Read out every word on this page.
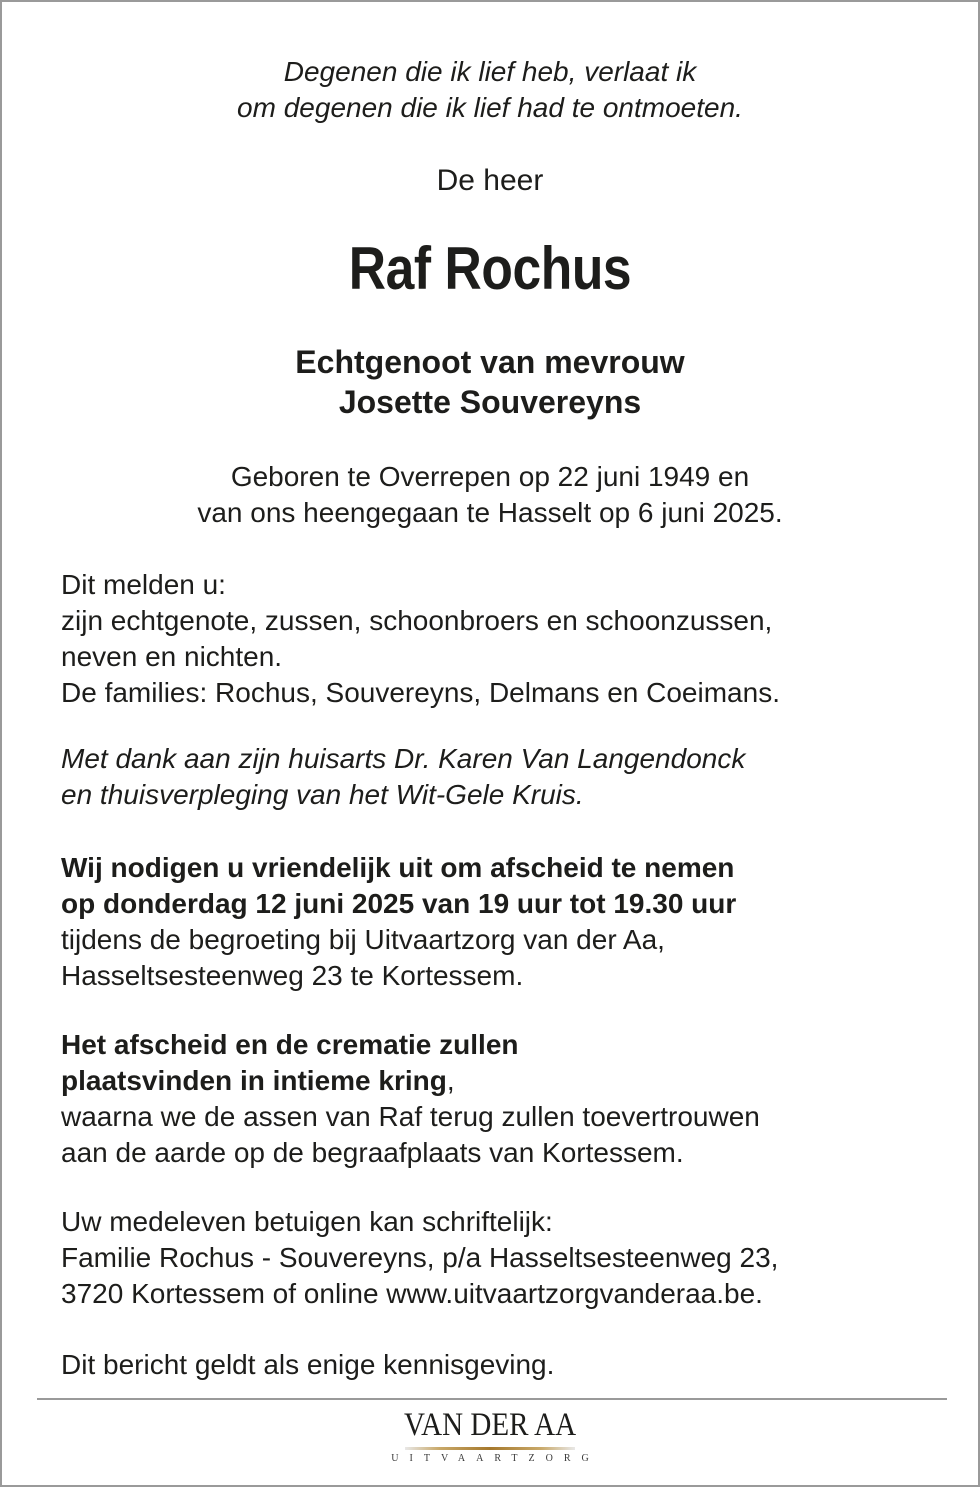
Degenen die ik lief heb, verlaat ik
om degenen die ik lief had te ontmoeten.
De heer
Raf Rochus
Echtgenoot van mevrouw
Josette Souvereyns
Geboren te Overrepen op 22 juni 1949 en
van ons heengegaan te Hasselt op 6 juni 2025.
Dit melden u:
zijn echtgenote, zussen, schoonbroers en schoonzussen,
neven en nichten.
De families: Rochus, Souvereyns, Delmans en Coeimans.
Met dank aan zijn huisarts Dr. Karen Van Langendonck
en thuisverpleging van het Wit-Gele Kruis.
Wij nodigen u vriendelijk uit om afscheid te nemen
op donderdag 12 juni 2025 van 19 uur tot 19.30 uur
tijdens de begroeting bij Uitvaartzorg van der Aa,
Hasseltsesteenweg 23 te Kortessem.
Het afscheid en de crematie zullen
plaatsvinden in intieme kring,
waarna we de assen van Raf terug zullen toevertrouwen
aan de aarde op de begraafplaats van Kortessem.
Uw medeleven betuigen kan schriftelijk:
Familie Rochus - Souvereyns, p/a Hasseltsesteenweg 23,
3720 Kortessem of online www.uitvaartzorgvanderaa.be.
Dit bericht geldt als enige kennisgeving.
VAN DER AA
UITVAARTZORG
